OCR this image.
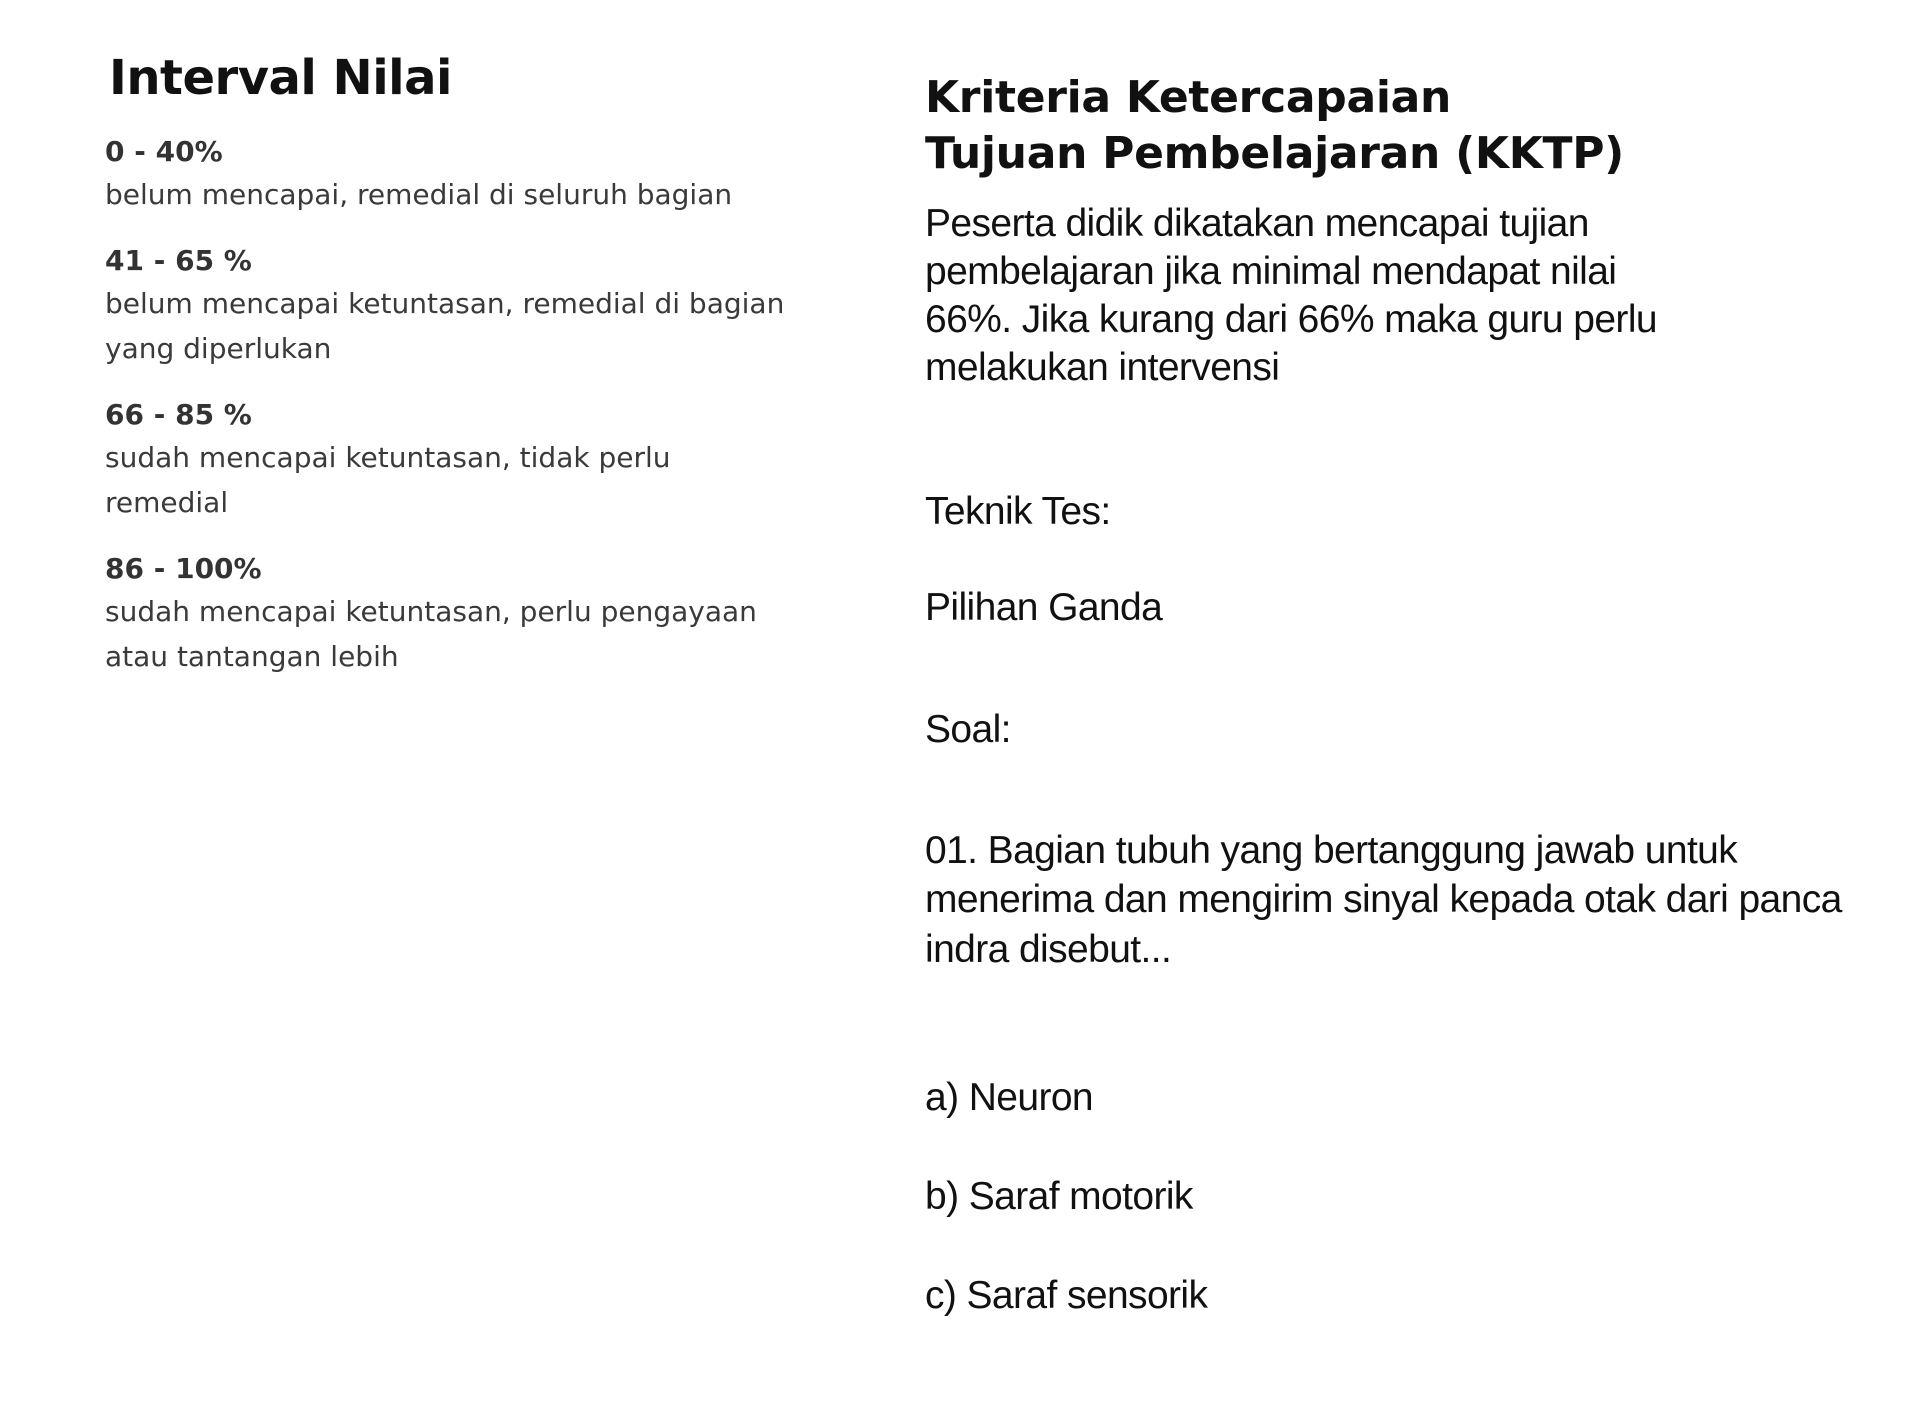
Interval Nilai
0 - 40%
belum mencapai, remedial di seluruh bagian
41 - 65 %
belum mencapai ketuntasan, remedial di bagian
yang diperlukan
66 - 85 %
sudah mencapai ketuntasan, tidak perlu
remedial
86 - 100%
sudah mencapai ketuntasan, perlu pengayaan
atau tantangan lebih
Kriteria Ketercapaian
Tujuan Pembelajaran (KKTP)
Peserta didik dikatakan mencapai tujian
pembelajaran jika minimal mendapat nilai
66%. Jika kurang dari 66% maka guru perlu
melakukan intervensi

Teknik Tes:

Pilihan Ganda

Soal:

01. Bagian tubuh yang bertanggung jawab untuk
menerima dan mengirim sinyal kepada otak dari panca
indra disebut...

a) Neuron

b) Saraf motorik

c) Saraf sensorik
